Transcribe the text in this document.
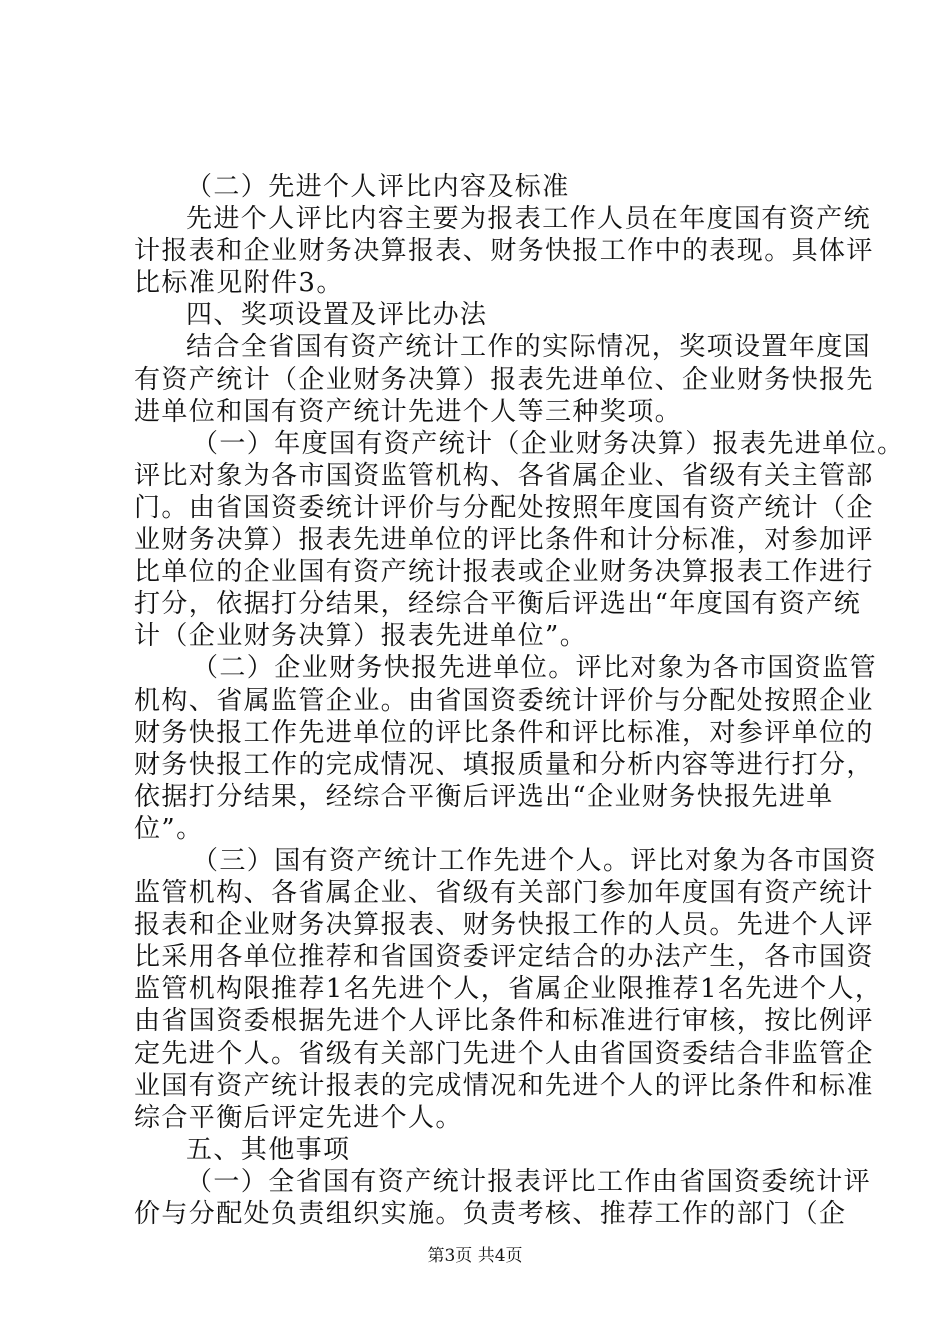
（二）先进个人评比内容及标准
先进个人评比内容主要为报表工作人员在年度国有资产统
计报表和企业财务决算报表、财务快报工作中的表现。具体评
比标准见附件3。
四、奖项设置及评比办法
结合全省国有资产统计工作的实际情况，奖项设置年度国
有资产统计（企业财务决算）报表先进单位、企业财务快报先
进单位和国有资产统计先进个人等三种奖项。
（一）年度国有资产统计（企业财务决算）报表先进单位。
评比对象为各市国资监管机构、各省属企业、省级有关主管部
门。由省国资委统计评价与分配处按照年度国有资产统计（企
业财务决算）报表先进单位的评比条件和计分标准，对参加评
比单位的企业国有资产统计报表或企业财务决算报表工作进行
打分，依据打分结果，经综合平衡后评选出“年度国有资产统
计（企业财务决算）报表先进单位”。
（二）企业财务快报先进单位。评比对象为各市国资监管
机构、省属监管企业。由省国资委统计评价与分配处按照企业
财务快报工作先进单位的评比条件和评比标准，对参评单位的
财务快报工作的完成情况、填报质量和分析内容等进行打分，
依据打分结果，经综合平衡后评选出“企业财务快报先进单
位”。
（三）国有资产统计工作先进个人。评比对象为各市国资
监管机构、各省属企业、省级有关部门参加年度国有资产统计
报表和企业财务决算报表、财务快报工作的人员。先进个人评
比采用各单位推荐和省国资委评定结合的办法产生，各市国资
监管机构限推荐1名先进个人，省属企业限推荐1名先进个人，
由省国资委根据先进个人评比条件和标准进行审核，按比例评
定先进个人。省级有关部门先进个人由省国资委结合非监管企
业国有资产统计报表的完成情况和先进个人的评比条件和标准
综合平衡后评定先进个人。
五、其他事项
（一）全省国有资产统计报表评比工作由省国资委统计评
价与分配处负责组织实施。负责考核、推荐工作的部门（企
第3页 共4页
